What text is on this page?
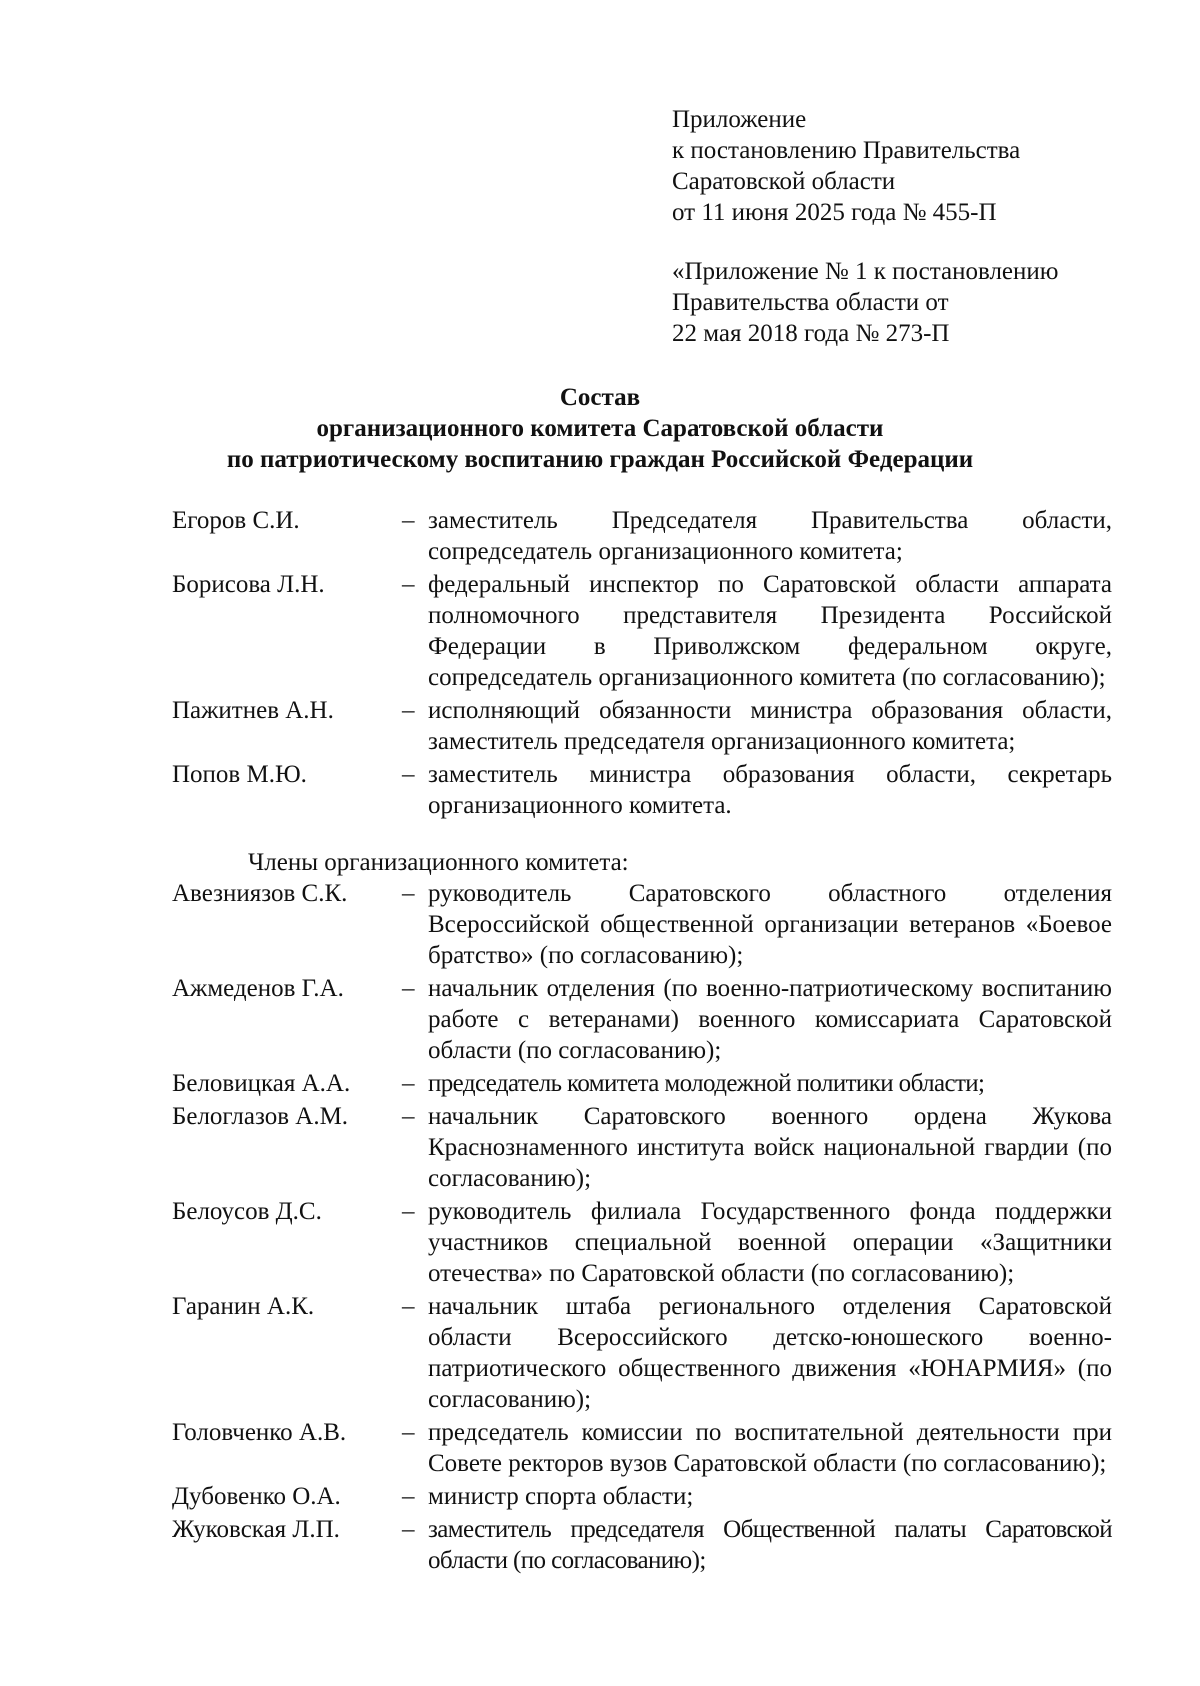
Приложение
к постановлению Правительства
Саратовской области
от 11 июня 2025 года № 455-П
«Приложение № 1 к постановлению
Правительства области от
22 мая 2018 года № 273-П
Состав
организационного комитета Саратовской области
по патриотическому воспитанию граждан Российской Федерации
Егоров С.И.	– заместитель Председателя Правительства области, сопредседатель организационного комитета;
Борисова Л.Н.	– федеральный инспектор по Саратовской области аппарата полномочного представителя Президента Российской Федерации в Приволжском федеральном округе, сопредседатель организационного комитета (по согласованию);
Пажитнев А.Н.	– исполняющий обязанности министра образования области, заместитель председателя организационного комитета;
Попов М.Ю.	– заместитель министра образования области, секретарь организационного комитета.
Члены организационного комитета:
Авезниязов С.К.	– руководитель Саратовского областного отделения Всероссийской общественной организации ветеранов «Боевое братство» (по согласованию);
Ажмеденов Г.А.	– начальник отделения (по военно-патриотическому воспитанию работе с ветеранами) военного комиссариата Саратовской области (по согласованию);
Беловицкая А.А.	– председатель комитета молодежной политики области;
Белоглазов А.М.	– начальник Саратовского военного ордена Жукова Краснознаменного института войск национальной гвардии (по согласованию);
Белоусов Д.С.	– руководитель филиала Государственного фонда поддержки участников специальной военной операции «Защитники отечества» по Саратовской области (по согласованию);
Гаранин А.К.	– начальник штаба регионального отделения Саратовской области Всероссийского детско-юношеского военно-патриотического общественного движения «ЮНАРМИЯ» (по согласованию);
Головченко А.В.	– председатель комиссии по воспитательной деятельности при Совете ректоров вузов Саратовской области (по согласованию);
Дубовенко О.А.	– министр спорта области;
Жуковская Л.П.	– заместитель председателя Общественной палаты Саратовской области (по согласованию);
